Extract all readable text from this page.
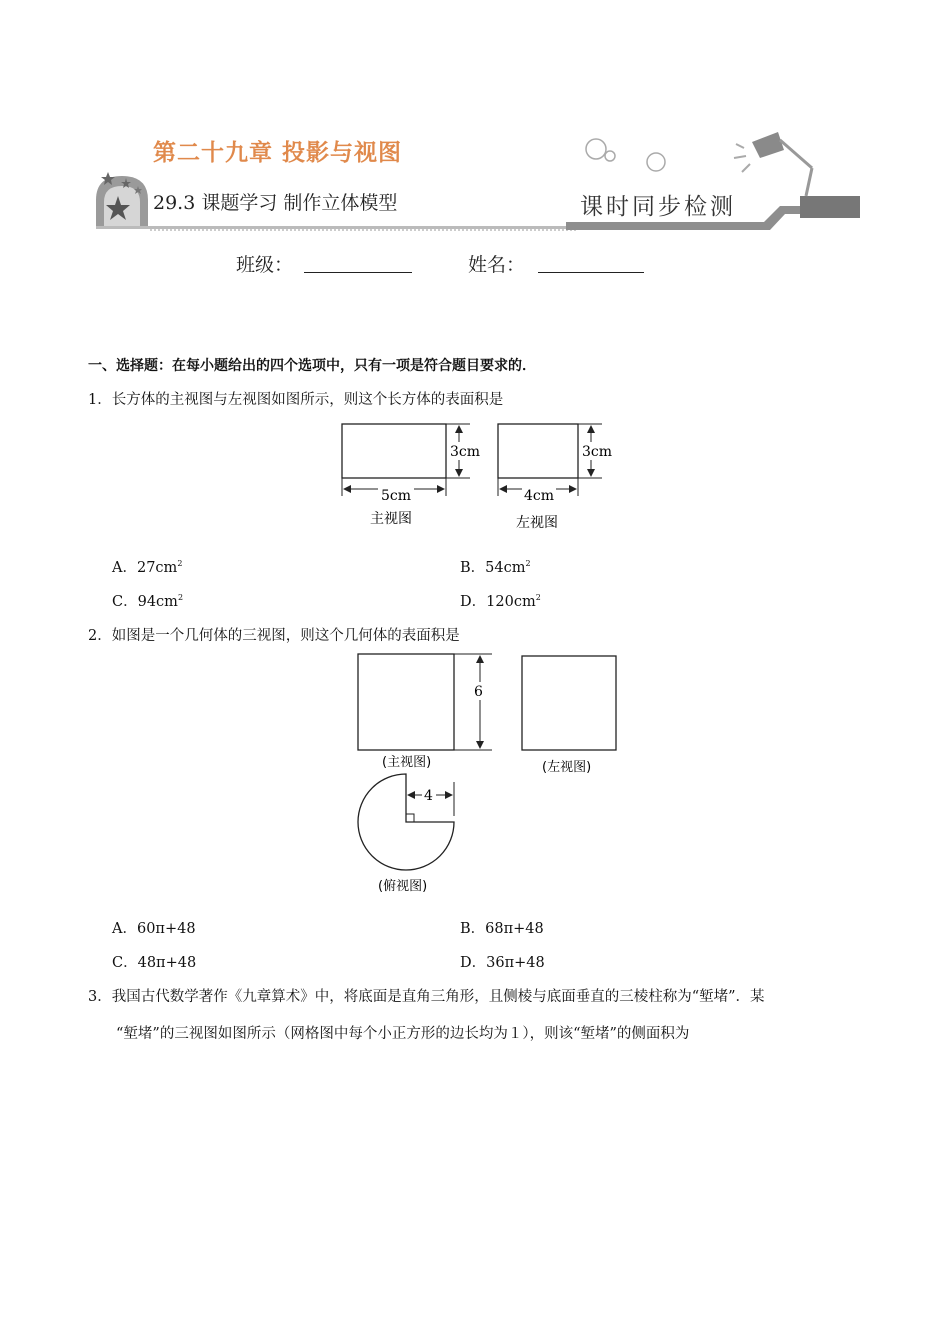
第二十九章 投影与视图
29.3 课题学习 制作立体模型	课时同步检测
班级：	姓名：
一、选择题：在每小题给出的四个选项中，只有一项是符合题目要求的．
1．长方体的主视图与左视图如图所示，则这个长方体的表面积是
3cm
5cm
主视图
3cm
4cm
左视图
A．$27cm^2$	B．$54cm^2$
C．$94cm^2$	D．$120cm^2$
2．如图是一个几何体的三视图，则这个几何体的表面积是
6
(主视图)	(左视图)
4
(俯视图)
A．60π+48	B．68π+48
C．48π+48	D．36π+48
3．我国古代数学著作《九章算术》中，将底面是直角三角形，且侧棱与底面垂直的三棱柱称为“堑堵”．某
“堑堵”的三视图如图所示（网格图中每个小正方形的边长均为１），则该“堑堵”的侧面积为
